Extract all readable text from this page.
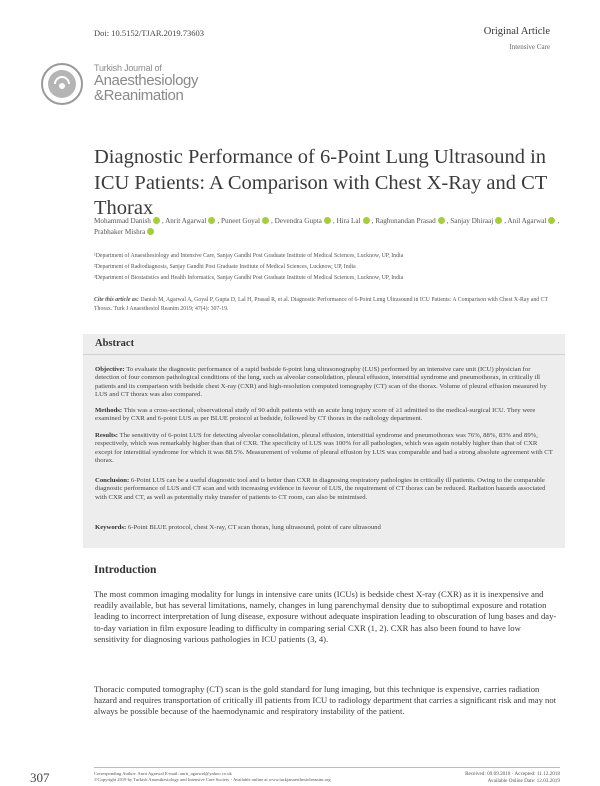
Doi: 10.5152/TJAR.2019.73603	Original Article
Intensive Care
Turkish Journal of
Anaesthesiology
&Reanimation
Diagnostic Performance of 6-Point Lung Ultrasound in ICU Patients: A Comparison with Chest X-Ray and CT Thorax
Mohammad Danish , Anrit Agarwal , Puneet Goyal , Devendra Gupta , Hira Lal , Raghunandan Prasad , Sanjay Dhiraaj , Anil Agarwal , Prabhaker Mishra
¹Department of Anaesthesiology and Intensive Care, Sanjay Gandhi Post Graduate Institute of Medical Sciences, Lucknow, UP, India
²Department of Radiodiagnosis, Sanjay Gandhi Post Graduate Institute of Medical Sciences, Lucknow, UP, India
³Department of Biostatistics and Health Informatics, Sanjay Gandhi Post Graduate Institute of Medical Sciences, Lucknow, UP, India
Cite this article as: Danish M, Agarwal A, Goyal P, Gupta D, Lal H, Prasad R, et al. Diagnostic Performance of 6-Point Lung Ultrasound in ICU Patients: A Comparison with Chest X-Ray and CT Thorax. Turk J Anaesthesiol Reanim 2019; 47(4): 307-19.
Abstract
Objective: To evaluate the diagnostic performance of a rapid bedside 6-point lung ultrasonography (LUS) performed by an intensive care unit (ICU) physician for detection of four common pathological conditions of the lung, such as alveolar consolidation, pleural effusion, interstitial syndrome and pneumothorax, in critically ill patients and its comparison with bedside chest X-ray (CXR) and high-resolution computed tomography (CT) scan of the thorax. Volume of pleural effusion measured by LUS and CT thorax was also compared.
Methods: This was a cross-sectional, observational study of 90 adult patients with an acute lung injury score of ≥1 admitted to the medical-surgical ICU. They were examined by CXR and 6-point LUS as per BLUE protocol at bedside, followed by CT thorax in the radiology department.
Results: The sensitivity of 6-point LUS for detecting alveolar consolidation, pleural effusion, interstitial syndrome and pneumothorax was 76%, 88%, 83% and 89%, respectively, which was remarkably higher than that of CXR. The specificity of LUS was 100% for all pathologies, which was again notably higher than that of CXR except for interstitial syndrome for which it was 88.5%. Measurement of volume of pleural effusion by LUS was comparable and had a strong absolute agreement with CT thorax.
Conclusion: 6-Point LUS can be a useful diagnostic tool and is better than CXR in diagnosing respiratory pathologies in critically ill patients. Owing to the comparable diagnostic performance of LUS and CT scan and with increasing evidence in favour of LUS, the requirement of CT thorax can be reduced. Radiation hazards associated with CXR and CT, as well as potentially risky transfer of patients to CT room, can also be minimised.
Keywords: 6-Point BLUE protocol, chest X-ray, CT scan thorax, lung ultrasound, point of care ultrasound
Introduction
The most common imaging modality for lungs in intensive care units (ICUs) is bedside chest X-ray (CXR) as it is inexpensive and readily available, but has several limitations, namely, changes in lung parenchymal density due to suboptimal exposure and rotation leading to incorrect interpretation of lung disease, exposure without adequate inspiration leading to obscuration of lung bases and day-to-day variation in film exposure leading to difficulty in comparing serial CXR (1, 2). CXR has also been found to have low sensitivity for diagnosing various pathologies in ICU patients (3, 4).
Thoracic computed tomography (CT) scan is the gold standard for lung imaging, but this technique is expensive, carries radiation hazard and requires transportation of critically ill patients from ICU to radiology department that carries a significant risk and may not always be possible because of the haemodynamic and respiratory instability of the patient.
307	Corresponding Author: Anrit Agarwal E-mail: anrit_agarwal@yahoo.co.uk
©Copyright 2019 by Turkish Anaesthesiology and Intensive Care Society - Available online at www.turkjanaesthesiolreanim.org
Received: 09.09.2018 · Accepted: 11.12.2018
Available Online Date: 12.03.2019
